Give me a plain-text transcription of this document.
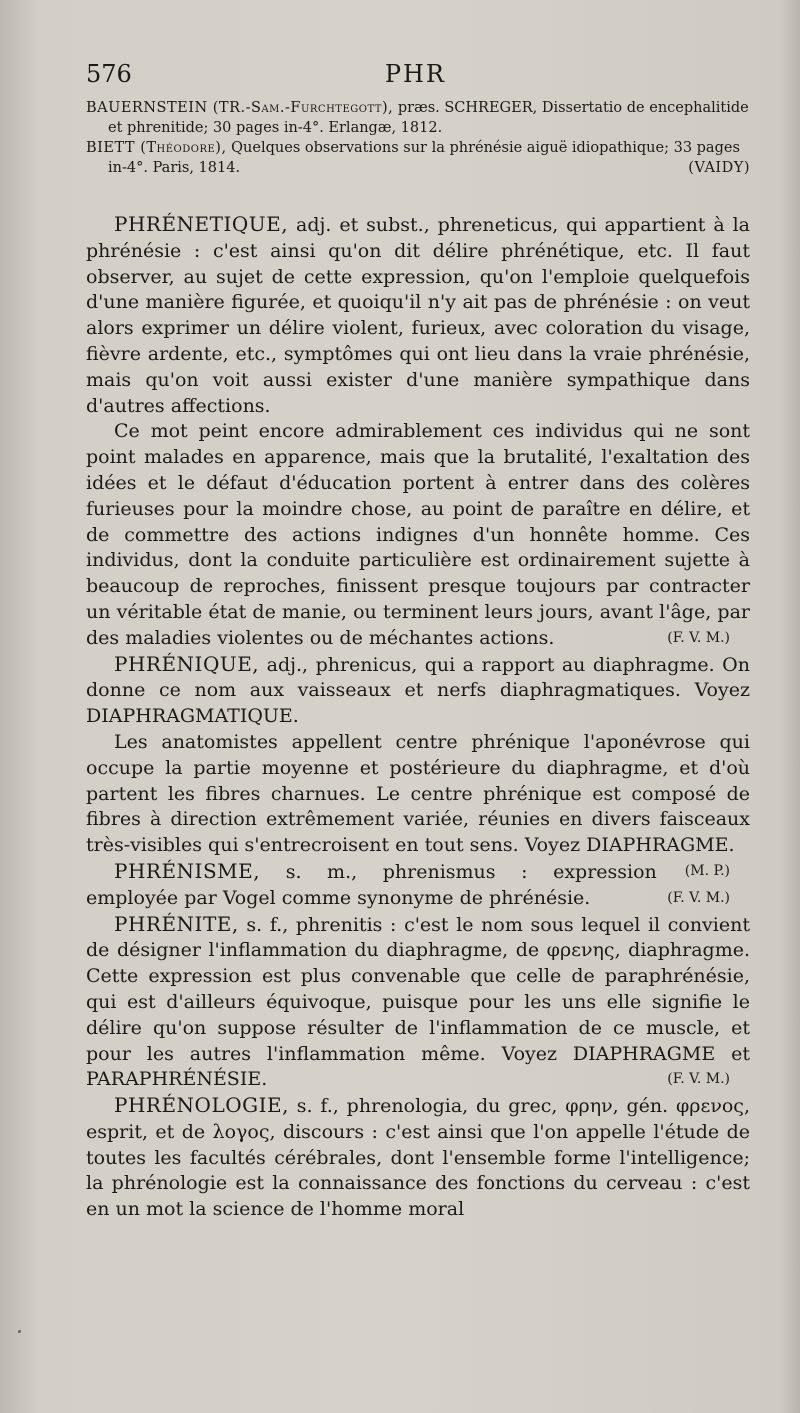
576	PHR

BAUERNSTEIN (TR.-Sam.-Furchtegott), præs. SCHREGER, Dissertatio de encephalitide et phrenitide; 30 pages in-4°. Erlangæ, 1812.

BIETT (Théodore), Quelques observations sur la phrénésie aiguë idiopathique; 33 pages in-4°. Paris, 1814.	(VAIDY)

PHRÉNETIQUE, adj. et subst., phreneticus, qui appartient à la phrénésie : c'est ainsi qu'on dit délire phrénétique, etc. Il faut observer, au sujet de cette expression, qu'on l'emploie quelquefois d'une manière figurée, et quoiqu'il n'y ait pas de phrénésie : on veut alors exprimer un délire violent, furieux, avec coloration du visage, fièvre ardente, etc., symptômes qui ont lieu dans la vraie phrénésie, mais qu'on voit aussi exister d'une manière sympathique dans d'autres affections.

Ce mot peint encore admirablement ces individus qui ne sont point malades en apparence, mais que la brutalité, l'exaltation des idées et le défaut d'éducation portent à entrer dans des colères furieuses pour la moindre chose, au point de paraître en délire, et de commettre des actions indignes d'un honnête homme. Ces individus, dont la conduite particulière est ordinairement sujette à beaucoup de reproches, finissent presque toujours par contracter un véritable état de manie, ou terminent leurs jours, avant l'âge, par des maladies violentes ou de méchantes actions.	(F. V. M.)

PHRÉNIQUE, adj., phrenicus, qui a rapport au diaphragme. On donne ce nom aux vaisseaux et nerfs diaphragmatiques. Voyez DIAPHRAGMATIQUE.

Les anatomistes appellent centre phrénique l'aponévrose qui occupe la partie moyenne et postérieure du diaphragme, et d'où partent les fibres charnues. Le centre phrénique est composé de fibres à direction extrêmement variée, réunies en divers faisceaux très-visibles qui s'entrecroisent en tout sens. Voyez DIAPHRAGME.
(M. P.)

PHRÉNISME, s. m., phrenismus : expression employée par Vogel comme synonyme de phrénésie.	(F. V. M.)

PHRÉNITE, s. f., phrenitis : c'est le nom sous lequel il convient de désigner l'inflammation du diaphragme, de φρενης, diaphragme. Cette expression est plus convenable que celle de paraphrénésie, qui est d'ailleurs équivoque, puisque pour les uns elle signifie le délire qu'on suppose résulter de l'inflammation de ce muscle, et pour les autres l'inflammation même. Voyez DIAPHRAGME et PARAPHRÉNÉSIE.	(F. V. M.)

PHRÉNOLOGIE, s. f., phrenologia, du grec, φρην, gén. φρενος, esprit, et de λογος, discours : c'est ainsi que l'on appelle l'étude de toutes les facultés cérébrales, dont l'ensemble forme l'intelligence; la phrénologie est la connaissance des fonctions du cerveau : c'est en un mot la science de l'homme moral
